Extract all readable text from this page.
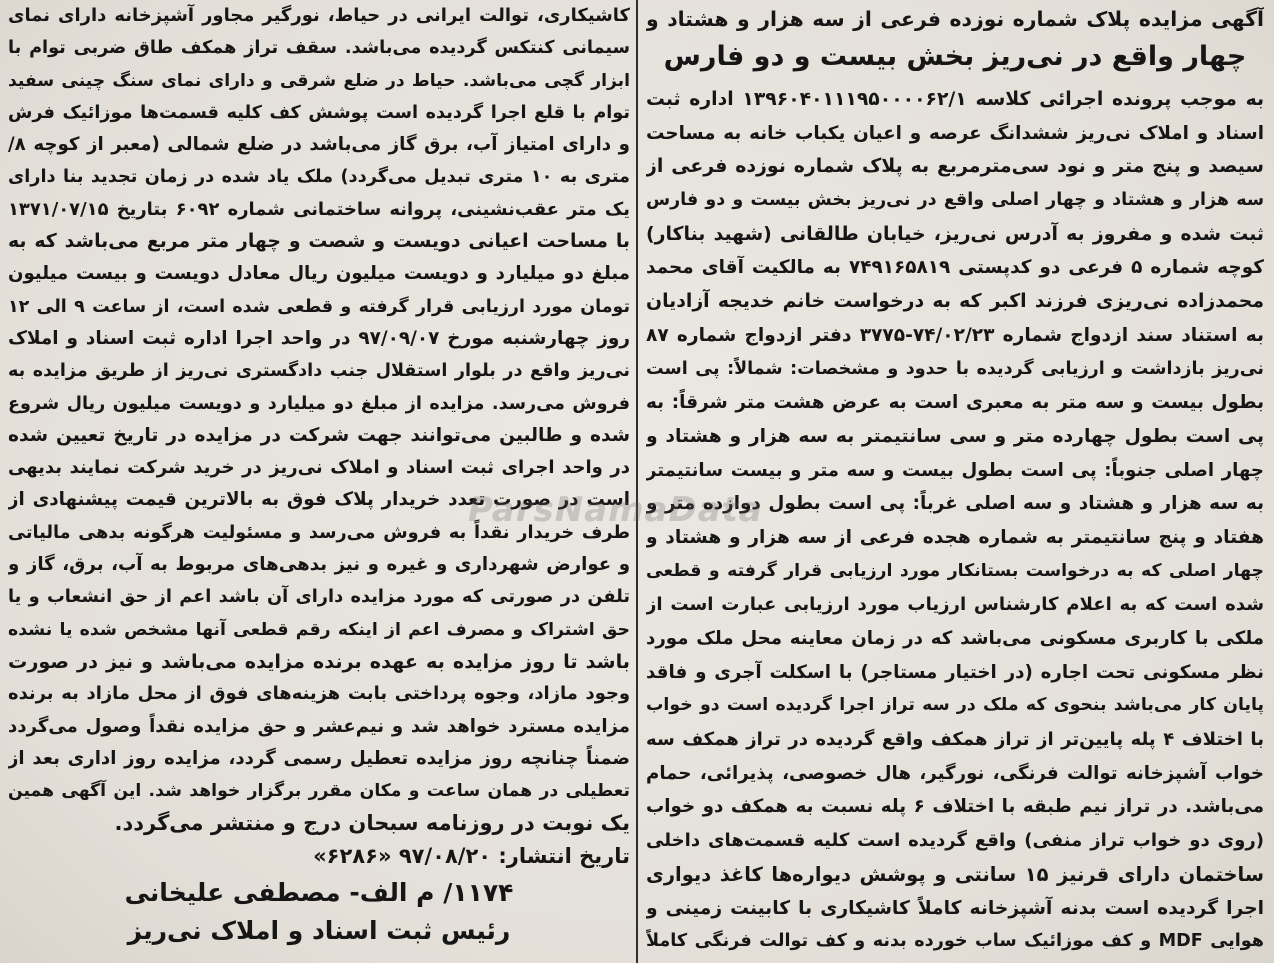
آگهی مزایده پلاک شماره نوزده فرعی از سه هزار و هشتاد و
چهار واقع در نی‌ریز بخش بیست و دو فارس
به موجب پرونده اجرائی کلاسه ۱۳۹۶۰۴۰۱۱۱۹۵۰۰۰۰۶۲/۱ اداره ثبت
اسناد و املاک نی‌ریز ششدانگ عرصه و اعیان یکباب خانه به مساحت
سیصد و پنج متر و نود سی‌مترمربع به پلاک شماره نوزده فرعی از
سه هزار و هشتاد و چهار اصلی واقع در نی‌ریز بخش بیست و دو فارس
ثبت شده و مفروز به آدرس نی‌ریز، خیابان طالقانی (شهید بناکار)
کوچه شماره ۵ فرعی دو کدپستی ۷۴۹۱۶۵۸۱۹ به مالکیت آقای محمد
محمدزاده نی‌ریزی فرزند اکبر که به درخواست خانم خدیجه آزادیان
به استناد سند ازدواج شماره ۷۴/۰۲/۲۳-۳۷۷۵ دفتر ازدواج شماره ۸۷
نی‌ریز بازداشت و ارزیابی گردیده با حدود و مشخصات: شمالاً: پی است
بطول بیست و سه متر به معبری است به عرض هشت متر شرقاً: به
پی است بطول چهارده متر و سی سانتیمتر به سه هزار و هشتاد و
چهار اصلی جنوباً: پی است بطول بیست و سه متر و بیست سانتیمتر
به سه هزار و هشتاد و سه اصلی غرباً: پی است بطول دوازده متر و
هفتاد و پنج سانتیمتر به شماره هجده فرعی از سه هزار و هشتاد و
چهار اصلی که به درخواست بستانکار مورد ارزیابی قرار گرفته و قطعی
شده است که به اعلام کارشناس ارزیاب مورد ارزیابی عبارت است از
ملکی با کاربری مسکونی می‌باشد که در زمان معاینه محل ملک مورد
نظر مسکونی تحت اجاره (در اختیار مستاجر) با اسکلت آجری و فاقد
پایان کار می‌باشد بنحوی که ملک در سه تراز اجرا گردیده است دو خواب
با اختلاف ۴ پله پایین‌تر از تراز همکف واقع گردیده در تراز همکف سه
خواب آشپزخانه توالت فرنگی، نورگیر، هال خصوصی، پذیرائی، حمام
می‌باشد. در تراز نیم طبقه با اختلاف ۶ پله نسبت به همکف دو خواب
(روی دو خواب تراز منفی) واقع گردیده است کلیه قسمت‌های داخلی
ساختمان دارای قرنیز ۱۵ سانتی و پوشش دیواره‌ها کاغذ دیواری
اجرا گردیده است بدنه آشپزخانه کاملاً کاشیکاری با کابینت زمینی و
هوایی MDF و کف موزائیک ساب خورده بدنه و کف توالت فرنگی کاملاً
کاشیکاری، توالت ایرانی در حیاط، نورگیر مجاور آشپزخانه دارای نمای
سیمانی کنتکس گردیده می‌باشد. سقف تراز همکف طاق ضربی توام با
ابزار گچی می‌باشد. حیاط در ضلع شرقی و دارای نمای سنگ چینی سفید
توام با قلع اجرا گردیده است پوشش کف کلیه قسمت‌ها موزائیک فرش
و دارای امتیاز آب، برق گاز می‌باشد در ضلع شمالی (معبر از کوچه ۸/
متری به ۱۰ متری تبدیل می‌گردد) ملک یاد شده در زمان تجدید بنا دارای
یک متر عقب‌نشینی، پروانه ساختمانی شماره ۶۰۹۲ بتاریخ ۱۳۷۱/۰۷/۱۵
با مساحت اعیانی دویست و شصت و چهار متر مربع می‌باشد که به
مبلغ دو میلیارد و دویست میلیون ریال معادل دویست و بیست میلیون
تومان مورد ارزیابی قرار گرفته و قطعی شده است، از ساعت ۹ الی ۱۲
روز چهارشنبه مورخ ۹۷/۰۹/۰۷ در واحد اجرا اداره ثبت اسناد و املاک
نی‌ریز واقع در بلوار استقلال جنب دادگستری نی‌ریز از طریق مزایده به
فروش می‌رسد. مزایده از مبلغ دو میلیارد و دویست میلیون ریال شروع
شده و طالبین می‌توانند جهت شرکت در مزایده در تاریخ تعیین شده
در واحد اجرای ثبت اسناد و املاک نی‌ریز در خرید شرکت نمایند بدیهی
است در صورت تعدد خریدار پلاک فوق به بالاترین قیمت پیشنهادی از
طرف خریدار نقداً به فروش می‌رسد و مسئولیت هرگونه بدهی مالیاتی
و عوارض شهرداری و غیره و نیز بدهی‌های مربوط به آب، برق، گاز و
تلفن در صورتی که مورد مزایده دارای آن باشد اعم از حق انشعاب و یا
حق اشتراک و مصرف اعم از اینکه رقم قطعی آنها مشخص شده یا نشده
باشد تا روز مزایده به عهده برنده مزایده می‌باشد و نیز در صورت
وجود مازاد، وجوه پرداختی بابت هزینه‌های فوق از محل مازاد به برنده
مزایده مسترد خواهد شد و نیم‌عشر و حق مزایده نقداً وصول می‌گردد
ضمناً چنانچه روز مزایده تعطیل رسمی گردد، مزایده روز اداری بعد از
تعطیلی در همان ساعت و مکان مقرر برگزار خواهد شد. این آگهی همین
یک نوبت در روزنامه سبحان درج و منتشر می‌گردد.
تاریخ انتشار: ۹۷/۰۸/۲۰ «۶۲۸۶»
۱۱۷۴/ م الف- مصطفی علیخانی
رئیس ثبت اسناد و املاک نی‌ریز
ParsNamaData
